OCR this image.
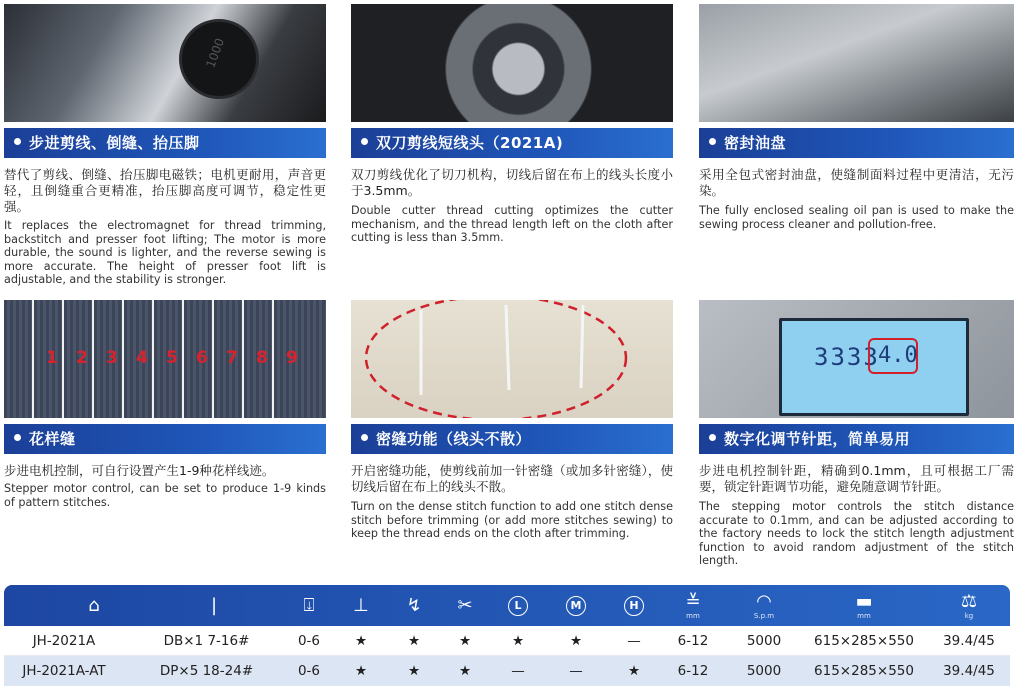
1000
步进剪线、倒缝、抬压脚
替代了剪线、倒缝、抬压脚电磁铁；电机更耐用，声音更轻，且倒缝重合更精准，抬压脚高度可调节，稳定性更强。
It replaces the electromagnet for thread trimming, backstitch and presser foot lifting; The motor is more durable, the sound is lighter, and the reverse sewing is more accurate. The height of presser foot lift is adjustable, and the stability is stronger.
双刀剪线短线头（2021A)
双刀剪线优化了切刀机构，切线后留在布上的线头长度小于3.5mm。
Double cutter thread cutting optimizes the cutter mechanism, and the thread length left on the cloth after cutting is less than 3.5mm.
密封油盘
采用全包式密封油盘，使缝制面料过程中更清洁，无污染。
The fully enclosed sealing oil pan is used to make the sewing process cleaner and pollution-free.
1 2 3 4 5 6 7 8 9
花样缝
步进电机控制，可自行设置产生1-9种花样线迹。
Stepper motor control, can be set to produce 1-9 kinds of pattern stitches.
密缝功能（线头不散）
开启密缝功能，使剪线前加一针密缝（或加多针密缝），使切线后留在布上的线头不散。
Turn on the dense stitch function to add one stitch dense stitch before trimming (or add more stitches sewing) to keep the thread ends on the cloth after trimming.
3333
4.0
数字化调节针距，简单易用
步进电机控制针距，精确到0.1mm，且可根据工厂需要，锁定针距调节功能，避免随意调节针距。
The stepping motor controls the stitch distance accurate to 0.1mm, and can be adjusted according to the factory needs to lock the stitch length adjustment function to avoid random adjustment of the stitch length.
⌂	|	⍗ ⊥ ↯ ✂	L	M	H	≚
mm
◠
S.p.m
▬
mm
⚖
kg
JH-2021A	DB×1 7-16#	0-6	★	★	★	★	★	—	6-12	5000	615×285×550	39.4/45
JH-2021A-AT	DP×5 18-24#	0-6	★	★	★	—	—	★	6-12	5000	615×285×550	39.4/45
